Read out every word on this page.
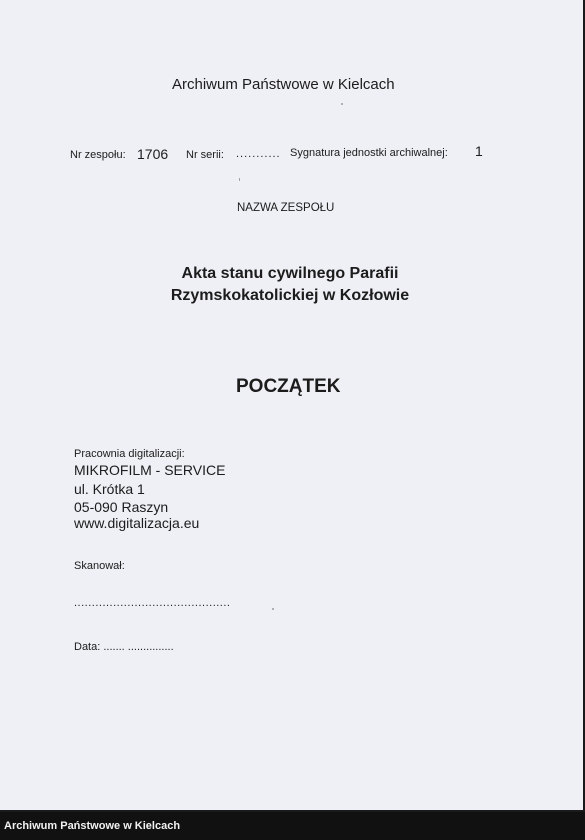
Archiwum Państwowe w Kielcach
Nr zespołu: 1706 Nr serii: ........... Sygnatura jednostki archiwalnej: 1
NAZWA ZESPOŁU
Akta stanu cywilnego Parafii
Rzymskokatolickiej w Kozłowie
POCZĄTEK
Pracownia digitalizacji:
MIKROFILM - SERVICE
ul. Krótka 1
05-090 Raszyn
www.digitalizacja.eu
Skanował:
............................................
Data: ....... ...............
Archiwum Państwowe w Kielcach
